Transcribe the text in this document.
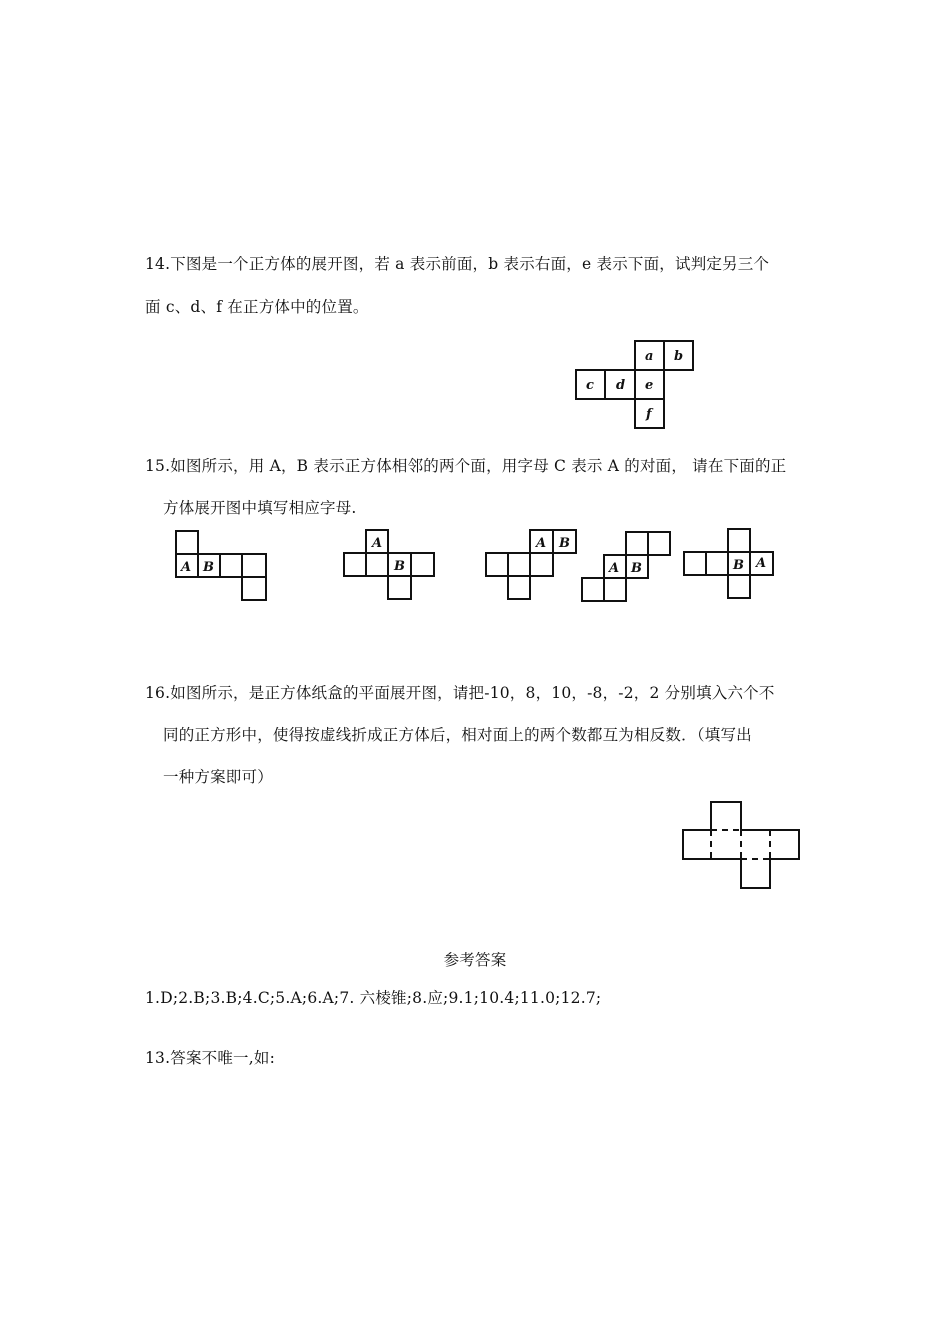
14.下图是一个正方体的展开图，若 a 表示前面，b 表示右面，e 表示下面，试判定另三个
面 c、d、f 在正方体中的位置。
a b
c d e
f
15.如图所示，用 A，B 表示正方体相邻的两个面，用字母 C 表示 A 的对面， 请在下面的正
方体展开图中填写相应字母.
A B
A
B
A B
A B	B A
16.如图所示，是正方体纸盒的平面展开图，请把-10，8，10，-8，-2，2 分别填入六个不
同的正方形中，使得按虚线折成正方体后，相对面上的两个数都互为相反数．（填写出
一种方案即可）
参考答案
1.D;2.B;3.B;4.C;5.A;6.A;7. 六棱锥;8.应;9.1;10.4;11.0;12.7;
13.答案不唯一,如:
